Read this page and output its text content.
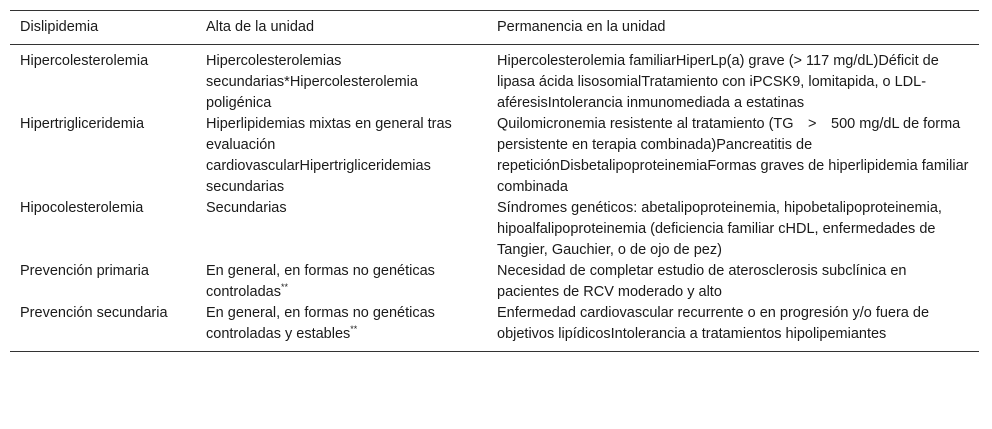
Dislipidemia	Alta de la unidad	Permanencia en la unidad
Hipercolesterolemia	Hipercolesterolemias secundarias*Hipercolesterolemia poligénica	Hipercolesterolemia familiarHiperLp(a) grave (> 117 mg/dL)Déficit de lipasa ácida lisosomialTratamiento con iPCSK9, lomitapida, o LDL-aféresisIntolerancia inmunomediada a estatinas
Hipertrigliceridemia	Hiperlipidemias mixtas en general tras evaluación cardiovascularHipertrigliceridemias secundarias	Quilomicronemia resistente al tratamiento (TG > 500 mg/dL de forma persistente en terapia combinada)Pancreatitis de repeticiónDisbetalipoproteinemiaFormas graves de hiperlipidemia familiar combinada
Hipocolesterolemia	Secundarias	Síndromes genéticos: abetalipoproteinemia, hipobetalipoproteinemia, hipoalfalipoproteinemia (deficiencia familiar cHDL, enfermedades de Tangier, Gauchier, o de ojo de pez)
Prevención primaria	En general, en formas no genéticas controladas**	Necesidad de completar estudio de aterosclerosis subclínica en pacientes de RCV moderado y alto
Prevención secundaria	En general, en formas no genéticas controladas y estables**	Enfermedad cardiovascular recurrente o en progresión y/o fuera de objetivos lipídicosIntolerancia a tratamientos hipolipemiantes
